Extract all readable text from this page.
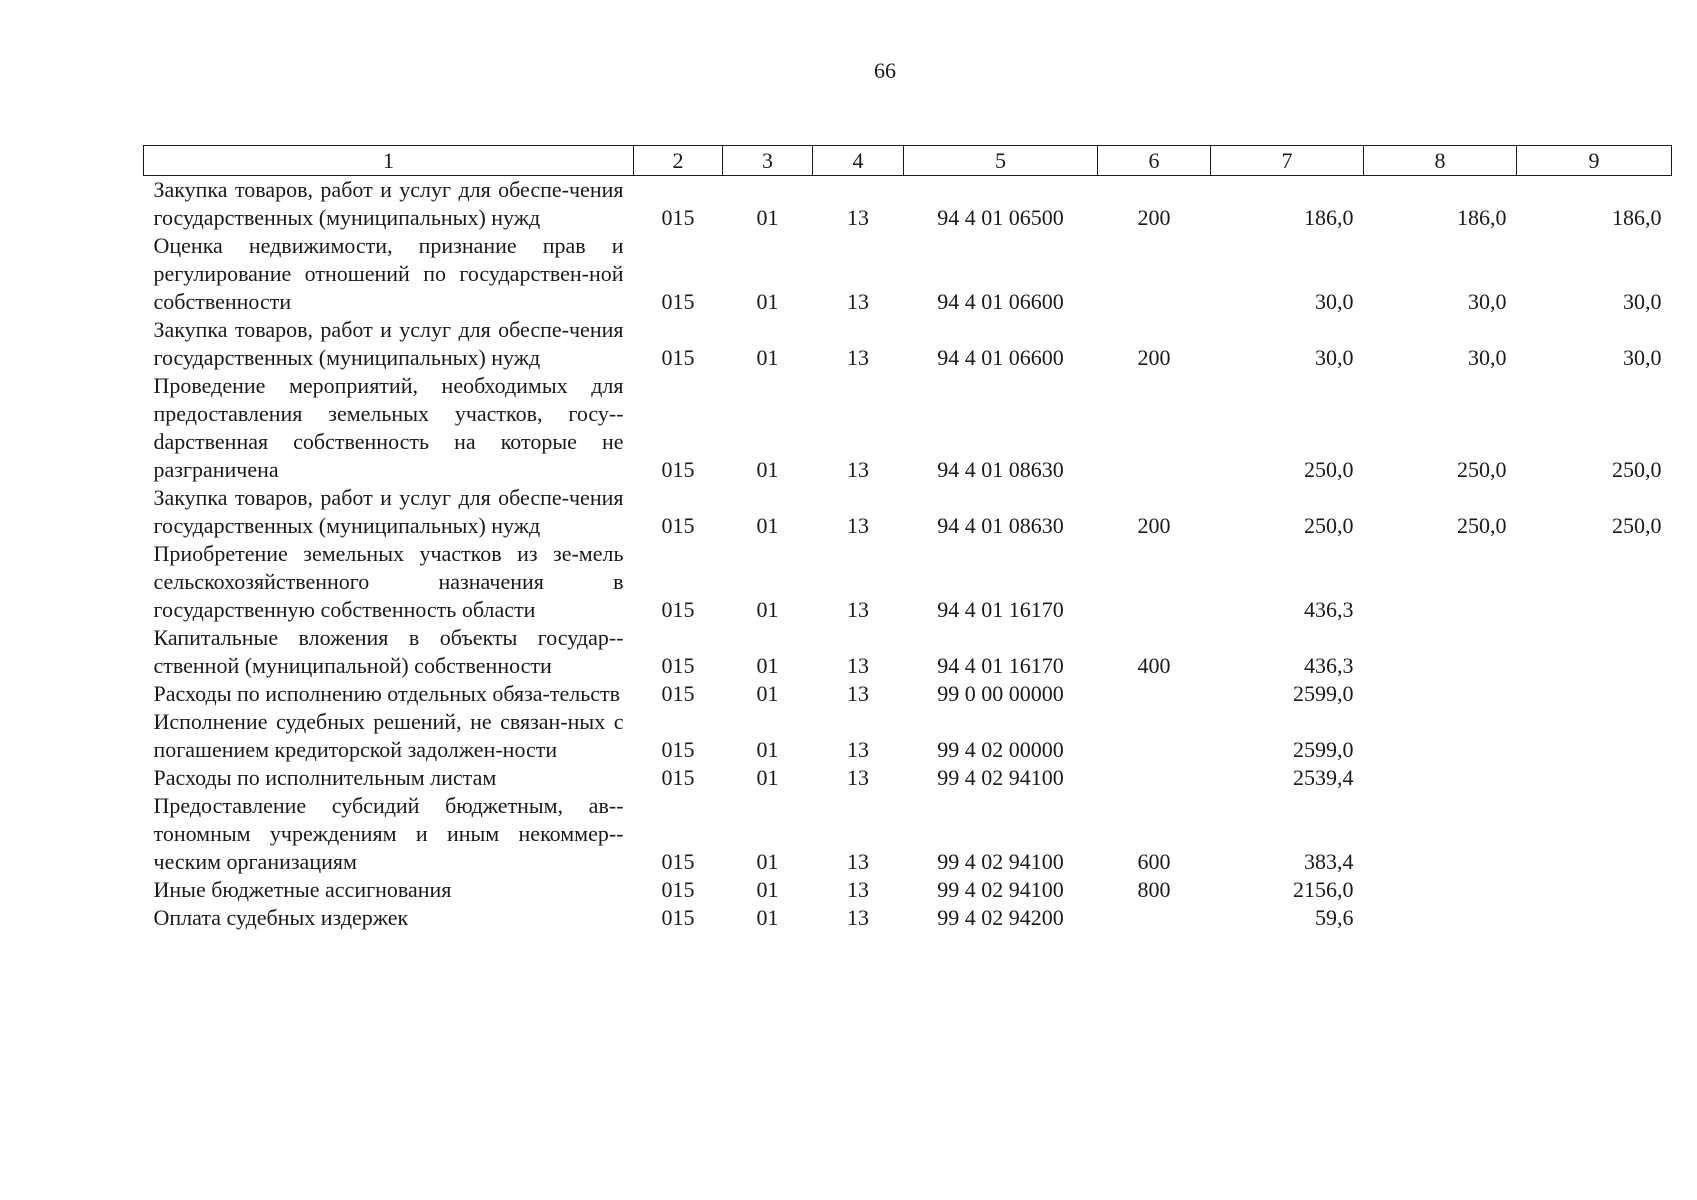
66
1	2	3	4	5	6	7	8	9
Закупка товаров, работ и услуг для обеспе-чения государственных (муниципальных) нужд	015	01	13	94 4 01 06500	200	186,0	186,0	186,0
Оценка недвижимости, признание прав и регулирование отношений по государствен-ной собственности	015	01	13	94 4 01 06600		30,0	30,0	30,0
Закупка товаров, работ и услуг для обеспе-чения государственных (муниципальных) нужд	015	01	13	94 4 01 06600	200	30,0	30,0	30,0
Проведение мероприятий, необходимых для предоставления земельных участков, госу-dарственная собственность на которые не разграничена	015	01	13	94 4 01 08630		250,0	250,0	250,0
Закупка товаров, работ и услуг для обеспе-чения государственных (муниципальных) нужд	015	01	13	94 4 01 08630	200	250,0	250,0	250,0
Приобретение земельных участков из зе-мель сельскохозяйственного назначения в государственную собственность области	015	01	13	94 4 01 16170		436,3		
Капитальные вложения в объекты государ-ственной (муниципальной) собственности	015	01	13	94 4 01 16170	400	436,3		
Расходы по исполнению отдельных обяза-тельств	015	01	13	99 0 00 00000		2599,0		
Исполнение судебных решений, не связан-ных с погашением кредиторской задолжен-ности	015	01	13	99 4 02 00000		2599,0		
Расходы по исполнительным листам	015	01	13	99 4 02 94100		2539,4		
Предоставление субсидий бюджетным, ав-тономным учреждениям и иным некоммер-ческим организациям	015	01	13	99 4 02 94100	600	383,4		
Иные бюджетные ассигнования	015	01	13	99 4 02 94100	800	2156,0		
Оплата судебных издержек	015	01	13	99 4 02 94200		59,6		
